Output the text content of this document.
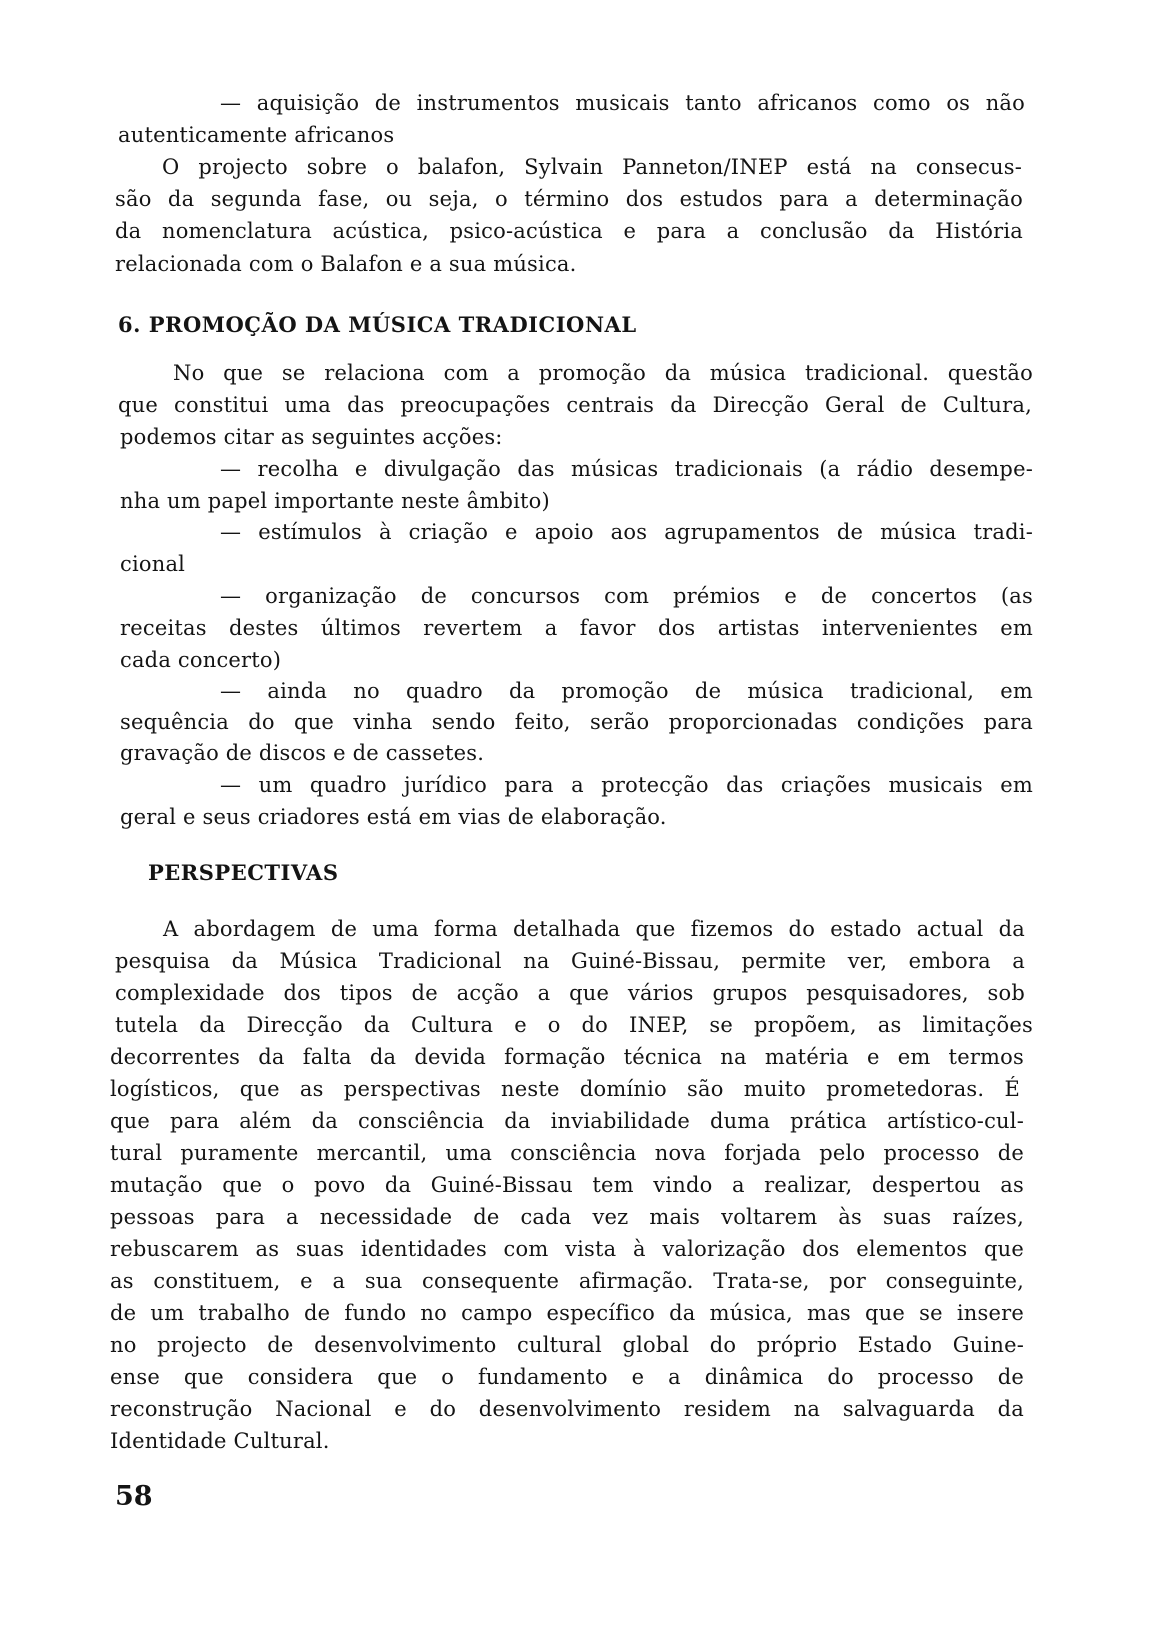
— aquisição de instrumentos musicais tanto africanos como os não
autenticamente africanos
O projecto sobre o balafon, Sylvain Panneton/INEP está na consecus-
são da segunda fase, ou seja, o término dos estudos para a determinação
da nomenclatura acústica, psico-acústica e para a conclusão da História
relacionada com o Balafon e a sua música.
6. PROMOÇÃO DA MÚSICA TRADICIONAL
No que se relaciona com a promoção da música tradicional. questão
que constitui uma das preocupações centrais da Direcção Geral de Cultura,
podemos citar as seguintes acções:
— recolha e divulgação das músicas tradicionais (a rádio desempe-
nha um papel importante neste âmbito)
— estímulos à criação e apoio aos agrupamentos de música tradi-
cional
— organização de concursos com prémios e de concertos (as
receitas destes últimos revertem a favor dos artistas intervenientes em
cada concerto)
— ainda no quadro da promoção de música tradicional, em
sequência do que vinha sendo feito, serão proporcionadas condições para
gravação de discos e de cassetes.
— um quadro jurídico para a protecção das criações musicais em
geral e seus criadores está em vias de elaboração.
PERSPECTIVAS
A abordagem de uma forma detalhada que fizemos do estado actual da
pesquisa da Música Tradicional na Guiné-Bissau, permite ver, embora a
complexidade dos tipos de acção a que vários grupos pesquisadores, sob
tutela da Direcção da Cultura e o do INEP, se propõem, as limitações
decorrentes da falta da devida formação técnica na matéria e em termos
logísticos, que as perspectivas neste domínio são muito prometedoras. É
que para além da consciência da inviabilidade duma prática artístico-cul-
tural puramente mercantil, uma consciência nova forjada pelo processo de
mutação que o povo da Guiné-Bissau tem vindo a realizar, despertou as
pessoas para a necessidade de cada vez mais voltarem às suas raízes,
rebuscarem as suas identidades com vista à valorização dos elementos que
as constituem, e a sua consequente afirmação. Trata-se, por conseguinte,
de um trabalho de fundo no campo específico da música, mas que se insere
no projecto de desenvolvimento cultural global do próprio Estado Guine-
ense que considera que o fundamento e a dinâmica do processo de
reconstrução Nacional e do desenvolvimento residem na salvaguarda da
Identidade Cultural.
58
